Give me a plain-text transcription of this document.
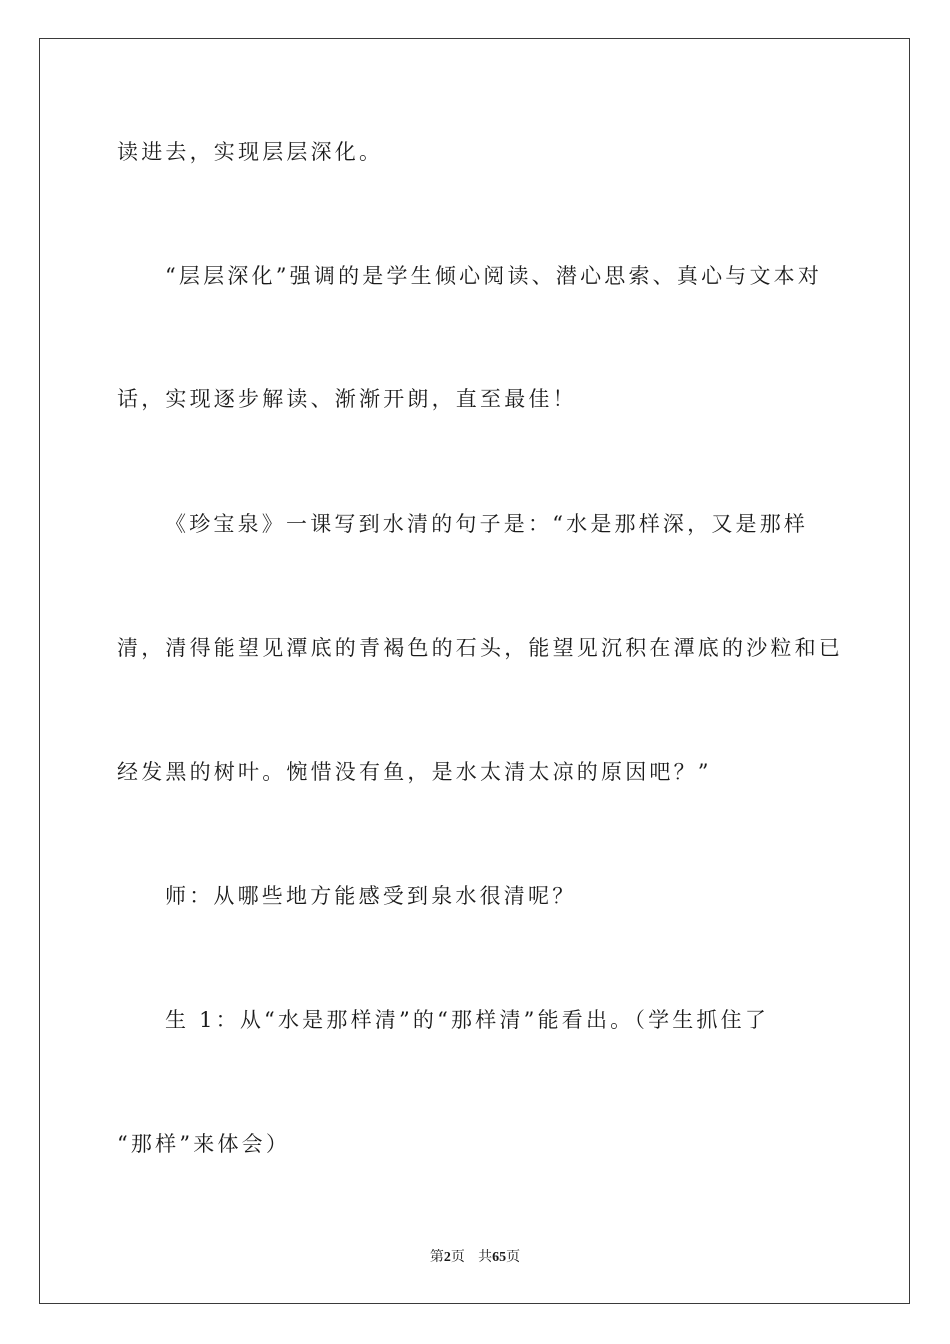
读进去，实现层层深化。
“层层深化”强调的是学生倾心阅读、潜心思索、真心与文本对
话，实现逐步解读、渐渐开朗，直至最佳！
《珍宝泉》一课写到水清的句子是：“水是那样深，又是那样
清，清得能望见潭底的青褐色的石头，能望见沉积在潭底的沙粒和已
经发黑的树叶。惋惜没有鱼，是水太清太凉的原因吧？”
师：从哪些地方能感受到泉水很清呢？
生 1：从“水是那样清”的“那样清”能看出。（学生抓住了
“那样”来体会）
第2页 共65页
